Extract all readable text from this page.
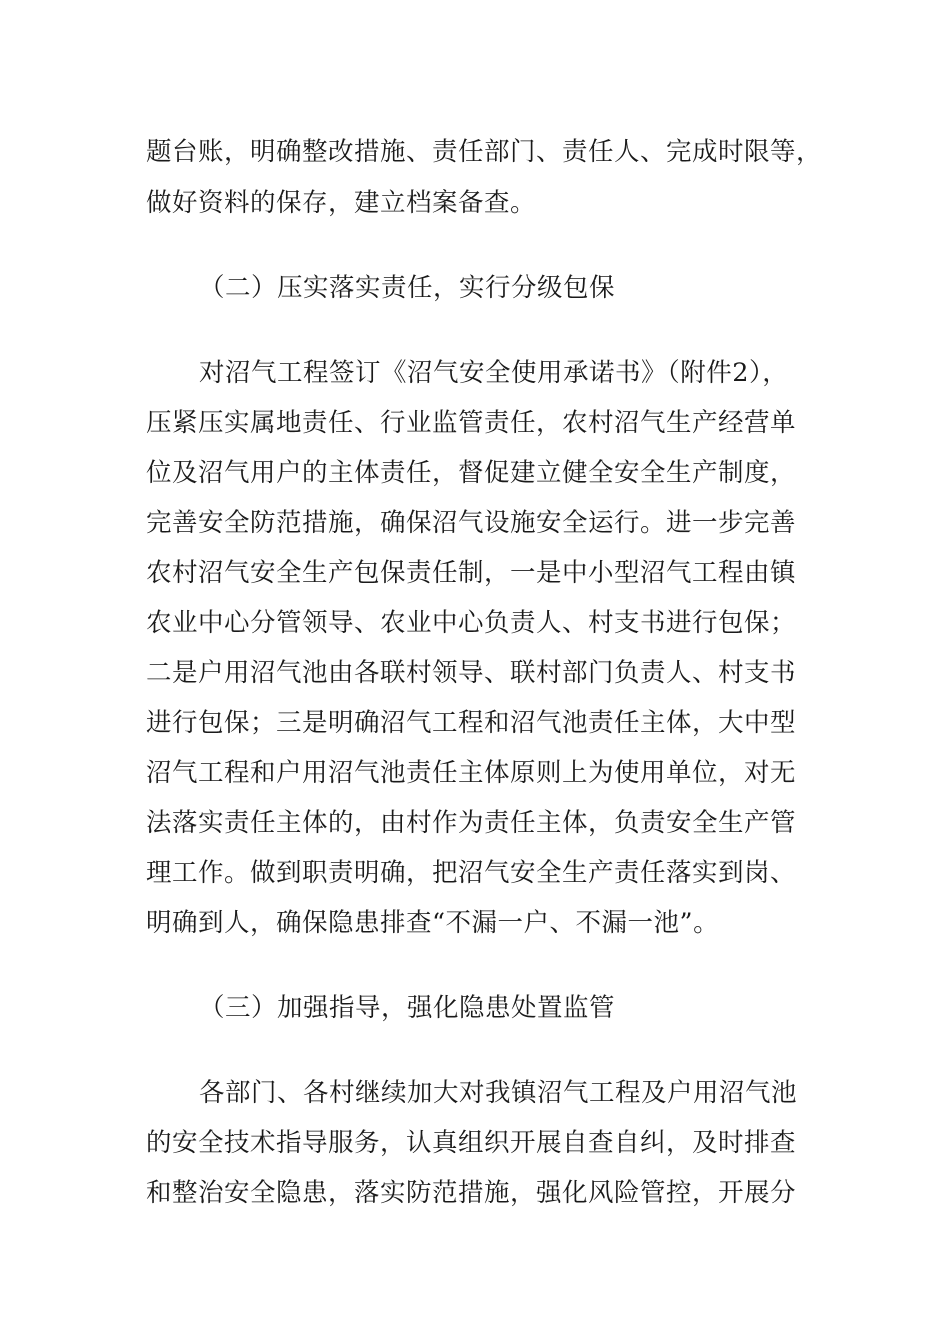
题台账，明确整改措施、责任部门、责任人、完成时限等，
做好资料的保存，建立档案备查。
（二）压实落实责任，实行分级包保
对沼气工程签订《沼气安全使用承诺书》（附件2），
压紧压实属地责任、行业监管责任，农村沼气生产经营单
位及沼气用户的主体责任，督促建立健全安全生产制度，
完善安全防范措施，确保沼气设施安全运行。进一步完善
农村沼气安全生产包保责任制，一是中小型沼气工程由镇
农业中心分管领导、农业中心负责人、村支书进行包保；
二是户用沼气池由各联村领导、联村部门负责人、村支书
进行包保；三是明确沼气工程和沼气池责任主体，大中型
沼气工程和户用沼气池责任主体原则上为使用单位，对无
法落实责任主体的，由村作为责任主体，负责安全生产管
理工作。做到职责明确，把沼气安全生产责任落实到岗、
明确到人，确保隐患排查“不漏一户、不漏一池”。
（三）加强指导，强化隐患处置监管
各部门、各村继续加大对我镇沼气工程及户用沼气池
的安全技术指导服务，认真组织开展自查自纠，及时排查
和整治安全隐患，落实防范措施，强化风险管控，开展分
